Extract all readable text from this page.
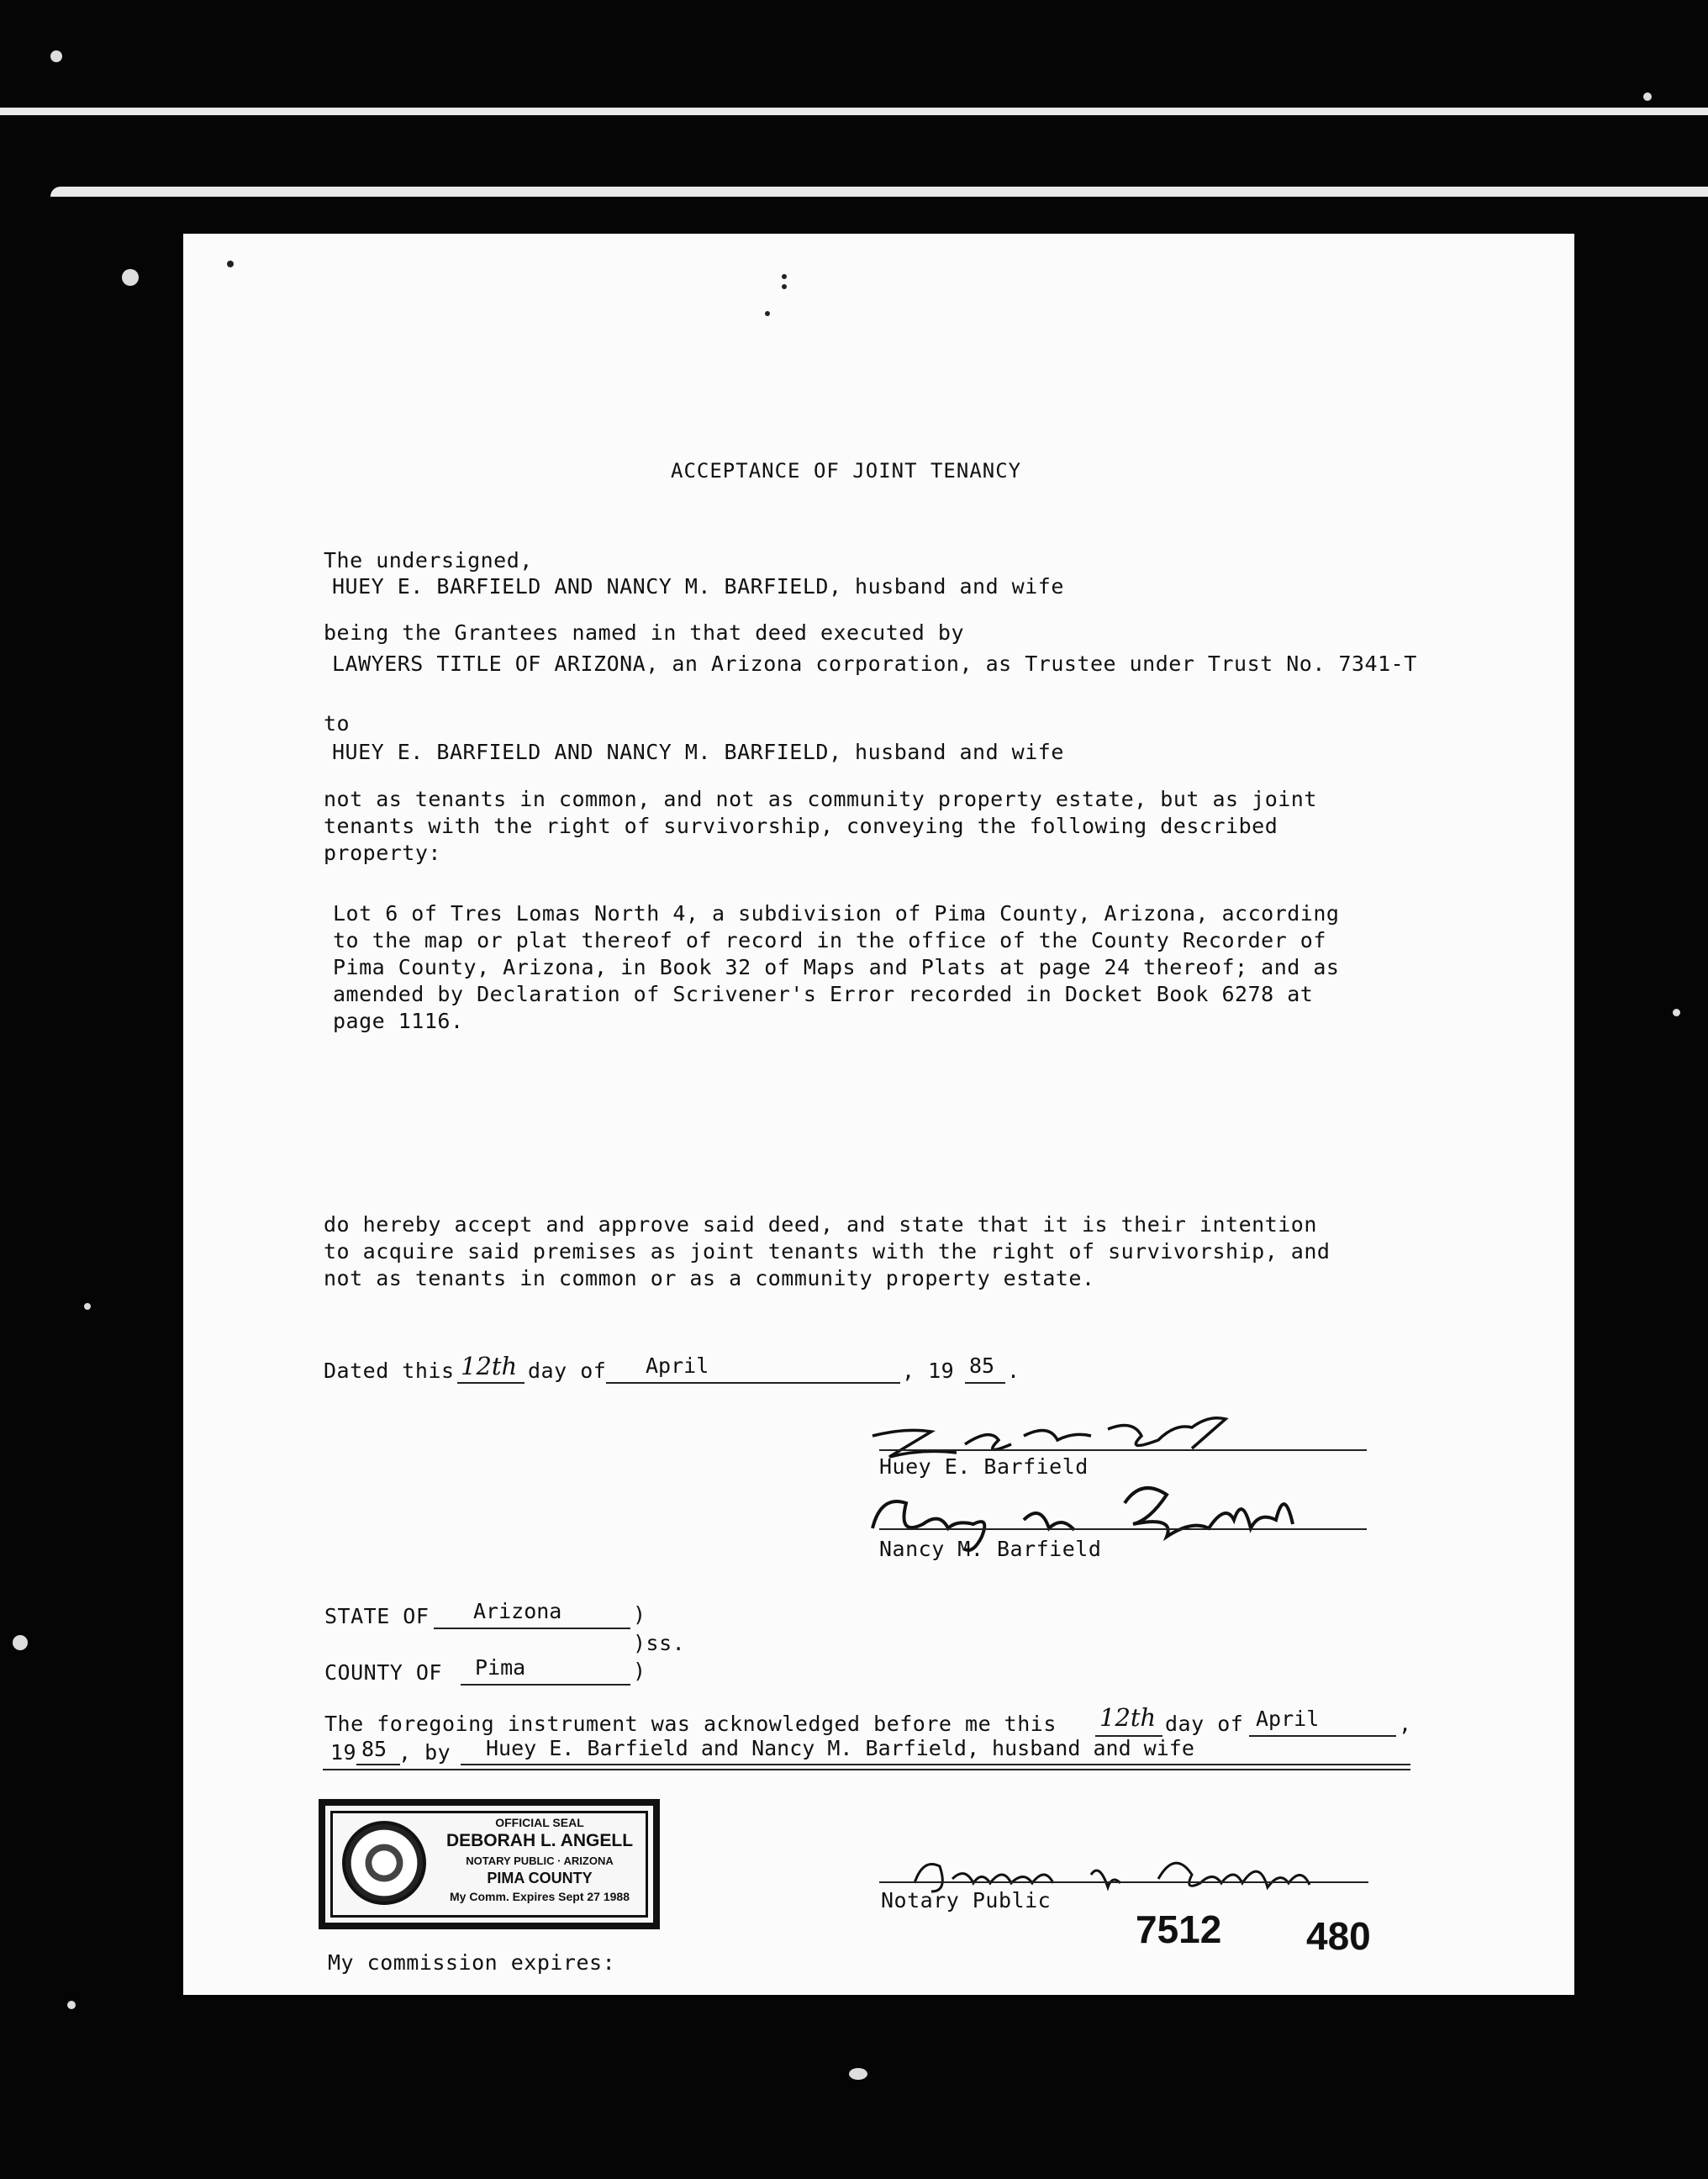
ACCEPTANCE OF JOINT TENANCY
The undersigned,
HUEY E. BARFIELD AND NANCY M. BARFIELD, husband and wife
being the Grantees named in that deed executed by
LAWYERS TITLE OF ARIZONA, an Arizona corporation, as Trustee under Trust No. 7341-T
to
HUEY E. BARFIELD AND NANCY M. BARFIELD, husband and wife
not as tenants in common, and not as community property estate, but as joint
tenants with the right of survivorship, conveying the following described
property:
Lot 6 of Tres Lomas North 4, a subdivision of Pima County, Arizona, according
to the map or plat thereof of record in the office of the County Recorder of
Pima County, Arizona, in Book 32 of Maps and Plats at page 24 thereof; and as
amended by Declaration of Scrivener's Error recorded in Docket Book 6278 at
page 1116.
do hereby accept and approve said deed, and state that it is their intention
to acquire said premises as joint tenants with the right of survivorship, and
not as tenants in common or as a community property estate.
Dated this 12th day of April	, 19 85 .
Huey E. Barfield
Nancy M. Barfield
STATE OF Arizona	)
)ss.
COUNTY OF Pima	)
The foregoing instrument was acknowledged before me this 12th day of April	,
19 85 , by Huey E. Barfield and Nancy M. Barfield, husband and wife
OFFICIAL SEAL
DEBORAH L. ANGELL
NOTARY PUBLIC · ARIZONA
PIMA COUNTY
My Comm. Expires Sept 27 1988	Notary Public
7512 480
My commission expires:
